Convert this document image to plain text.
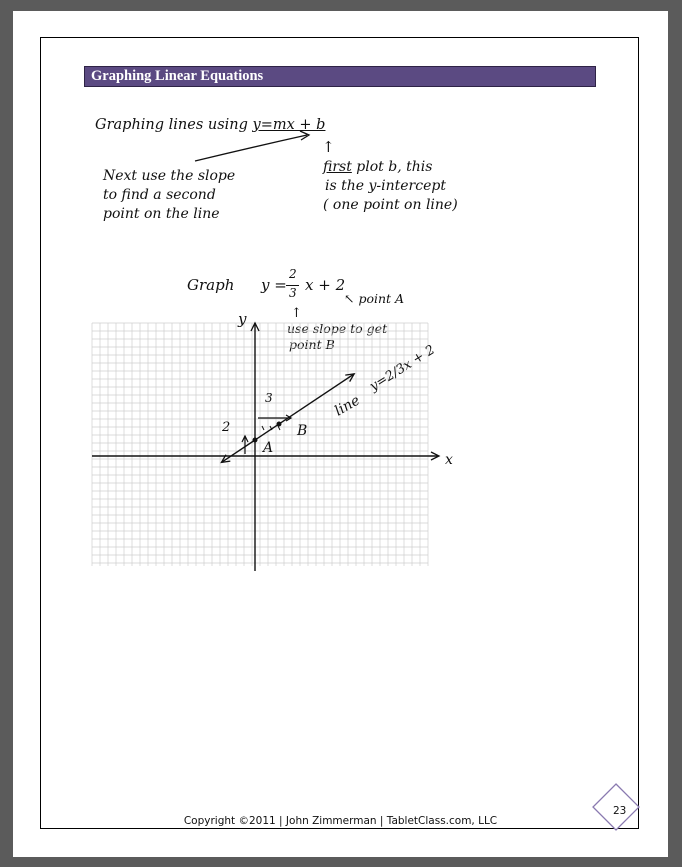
Graphing Linear Equations
Graphing lines using y=mx + b
↑
Next use the slope
to find a second
point on the line
first plot b, this
is the y-intercept
( one point on line)
Graph y =
2
3 x + 2
↖ point A
↑
use slope to get
point B
x
y
A
B
2
3	line
y=2/3x + 2
Copyright ©2011 | John Zimmerman | TabletClass.com, LLC
23
